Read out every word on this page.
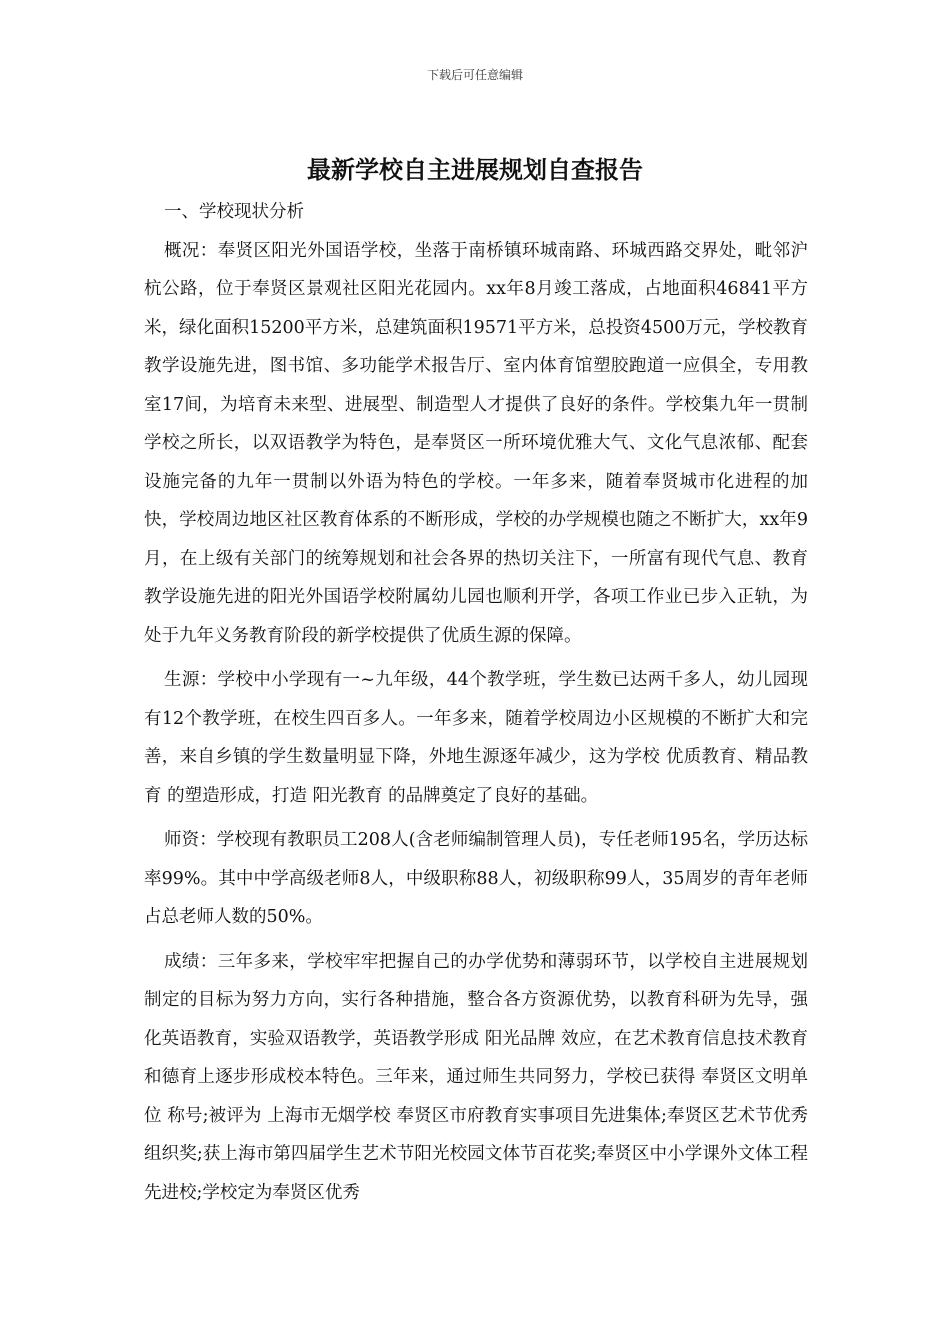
下载后可任意编辑
最新学校自主进展规划自查报告

一、学校现状分析

概况：奉贤区阳光外国语学校，坐落于南桥镇环城南路、环城西路交界处，毗邻沪杭公路，位于奉贤区景观社区阳光花园内。xx年8月竣工落成，占地面积46841平方米，绿化面积15200平方米，总建筑面积19571平方米，总投资4500万元，学校教育教学设施先进，图书馆、多功能学术报告厅、室内体育馆塑胶跑道一应俱全，专用教室17间，为培育未来型、进展型、制造型人才提供了良好的条件。学校集九年一贯制学校之所长，以双语教学为特色，是奉贤区一所环境优雅大气、文化气息浓郁、配套设施完备的九年一贯制以外语为特色的学校。一年多来，随着奉贤城市化进程的加快，学校周边地区社区教育体系的不断形成，学校的办学规模也随之不断扩大，xx年9月，在上级有关部门的统筹规划和社会各界的热切关注下，一所富有现代气息、教育教学设施先进的阳光外国语学校附属幼儿园也顺利开学，各项工作业已步入正轨，为处于九年义务教育阶段的新学校提供了优质生源的保障。

生源：学校中小学现有一~九年级，44个教学班，学生数已达两千多人，幼儿园现有12个教学班，在校生四百多人。一年多来，随着学校周边小区规模的不断扩大和完善，来自乡镇的学生数量明显下降，外地生源逐年减少，这为学校 优质教育、精品教育 的塑造形成，打造 阳光教育 的品牌奠定了良好的基础。

师资：学校现有教职员工208人(含老师编制管理人员)，专任老师195名，学历达标率99%。其中中学高级老师8人，中级职称88人，初级职称99人，35周岁的青年老师占总老师人数的50%。

成绩：三年多来，学校牢牢把握自己的办学优势和薄弱环节，以学校自主进展规划制定的目标为努力方向，实行各种措施，整合各方资源优势，以教育科研为先导，强化英语教育，实验双语教学，英语教学形成 阳光品牌 效应，在艺术教育信息技术教育和德育上逐步形成校本特色。三年来，通过师生共同努力，学校已获得 奉贤区文明单位 称号;被评为 上海市无烟学校 奉贤区市府教育实事项目先进集体;奉贤区艺术节优秀组织奖;获上海市第四届学生艺术节阳光校园文体节百花奖;奉贤区中小学课外文体工程先进校;学校定为奉贤区优秀
